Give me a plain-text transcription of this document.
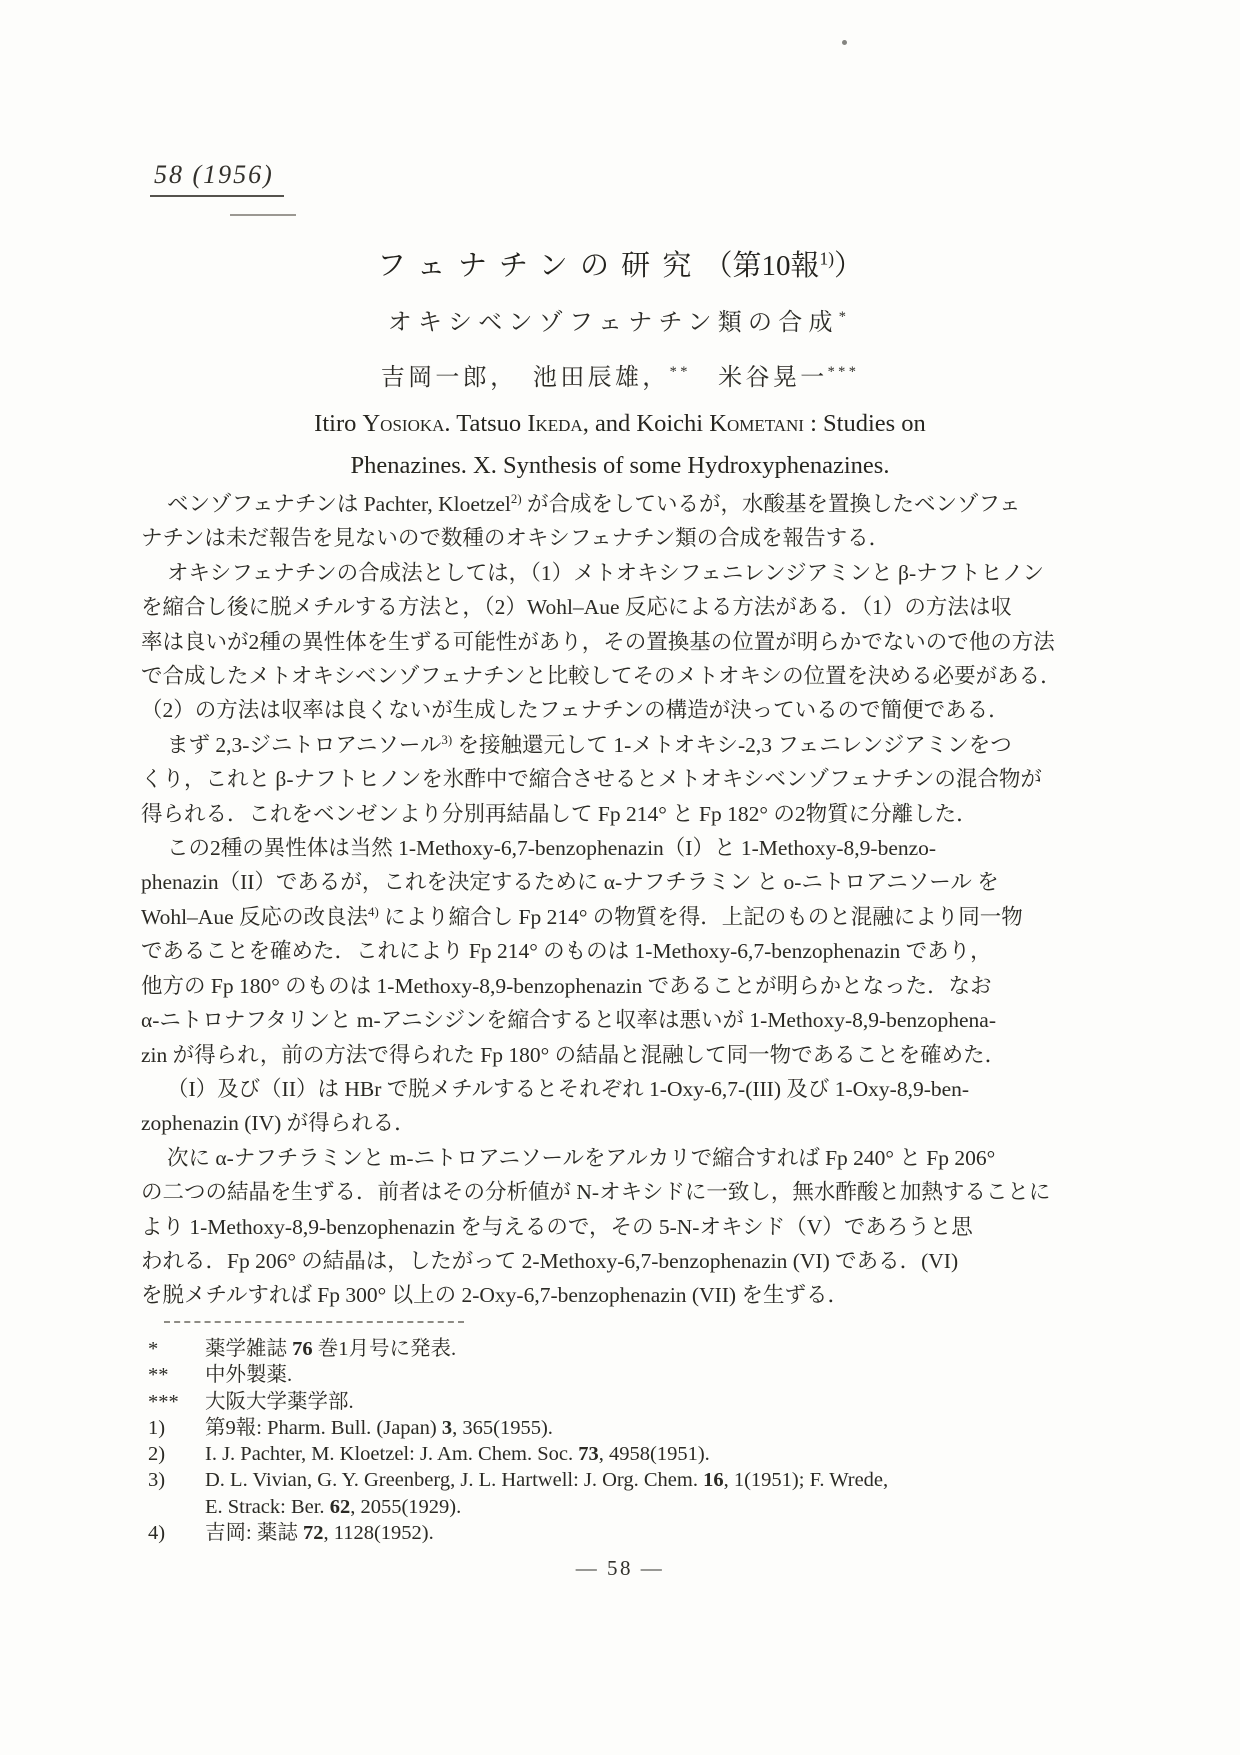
58 (1956)
フェナチンの研究（第10報$^{1)}$）
オキシベンゾフェナチン類の合成*
吉岡一郎，　池田辰雄，**　米谷晃一***
Itiro Yosioka. Tatsuo Ikeda, and Koichi Kometani : Studies on
Phenazines. X. Synthesis of some Hydroxyphenazines.
ベンゾフェナチンは Pachter, Kloetzel$^{2)}$ が合成をしているが，水酸基を置換したベンゾフェ
ナチンは未だ報告を見ないので数種のオキシフェナチン類の合成を報告する．
オキシフェナチンの合成法としては，（1）メトオキシフェニレンジアミンと β-ナフトヒノン
を縮合し後に脱メチルする方法と，（2）Wohl–Aue 反応による方法がある．（1）の方法は収
率は良いが2種の異性体を生ずる可能性があり，その置換基の位置が明らかでないので他の方法
で合成したメトオキシベンゾフェナチンと比較してそのメトオキシの位置を決める必要がある．
（2）の方法は収率は良くないが生成したフェナチンの構造が決っているので簡便である．
まず 2,3-ジニトロアニソール$^{3)}$ を接触還元して 1-メトオキシ-2,3 フェニレンジアミンをつ
くり，これと β-ナフトヒノンを氷酢中で縮合させるとメトオキシベンゾフェナチンの混合物が
得られる．これをベンゼンより分別再結晶して Fp 214° と Fp 182° の2物質に分離した．
この2種の異性体は当然 1-Methoxy-6,7-benzophenazin（I）と 1-Methoxy-8,9-benzo-
phenazin（II）であるが，これを決定するために α-ナフチラミン と o-ニトロアニソール を
Wohl–Aue 反応の改良法$^{4)}$ により縮合し Fp 214° の物質を得．上記のものと混融により同一物
であることを確めた．これにより Fp 214° のものは 1-Methoxy-6,7-benzophenazin であり，
他方の Fp 180° のものは 1-Methoxy-8,9-benzophenazin であることが明らかとなった．なお
α-ニトロナフタリンと m-アニシジンを縮合すると収率は悪いが 1-Methoxy-8,9-benzophena-
zin が得られ，前の方法で得られた Fp 180° の結晶と混融して同一物であることを確めた．
（I）及び（II）は HBr で脱メチルするとそれぞれ 1-Oxy-6,7-(III) 及び 1-Oxy-8,9-ben-
zophenazin (IV) が得られる．
次に α-ナフチラミンと m-ニトロアニソールをアルカリで縮合すれば Fp 240° と Fp 206°
の二つの結晶を生ずる．前者はその分析値が N-オキシドに一致し，無水酢酸と加熱することに
より 1-Methoxy-8,9-benzophenazin を与えるので，その 5-N-オキシド（V）であろうと思
われる．Fp 206° の結晶は，したがって 2-Methoxy-6,7-benzophenazin (VI) である．(VI)
を脱メチルすれば Fp 300° 以上の 2-Oxy-6,7-benzophenazin (VII) を生ずる．
*	薬学雑誌 76 巻1月号に発表.
**	中外製薬.
***	大阪大学薬学部.
1)	第9報: Pharm. Bull. (Japan) 3, 365(1955).
2)	I. J. Pachter, M. Kloetzel: J. Am. Chem. Soc. 73, 4958(1951).
3)	D. L. Vivian, G. Y. Greenberg, J. L. Hartwell: J. Org. Chem. 16, 1(1951); F. Wrede,
E. Strack: Ber. 62, 2055(1929).
4)	吉岡: 薬誌 72, 1128(1952).
— 58 —
